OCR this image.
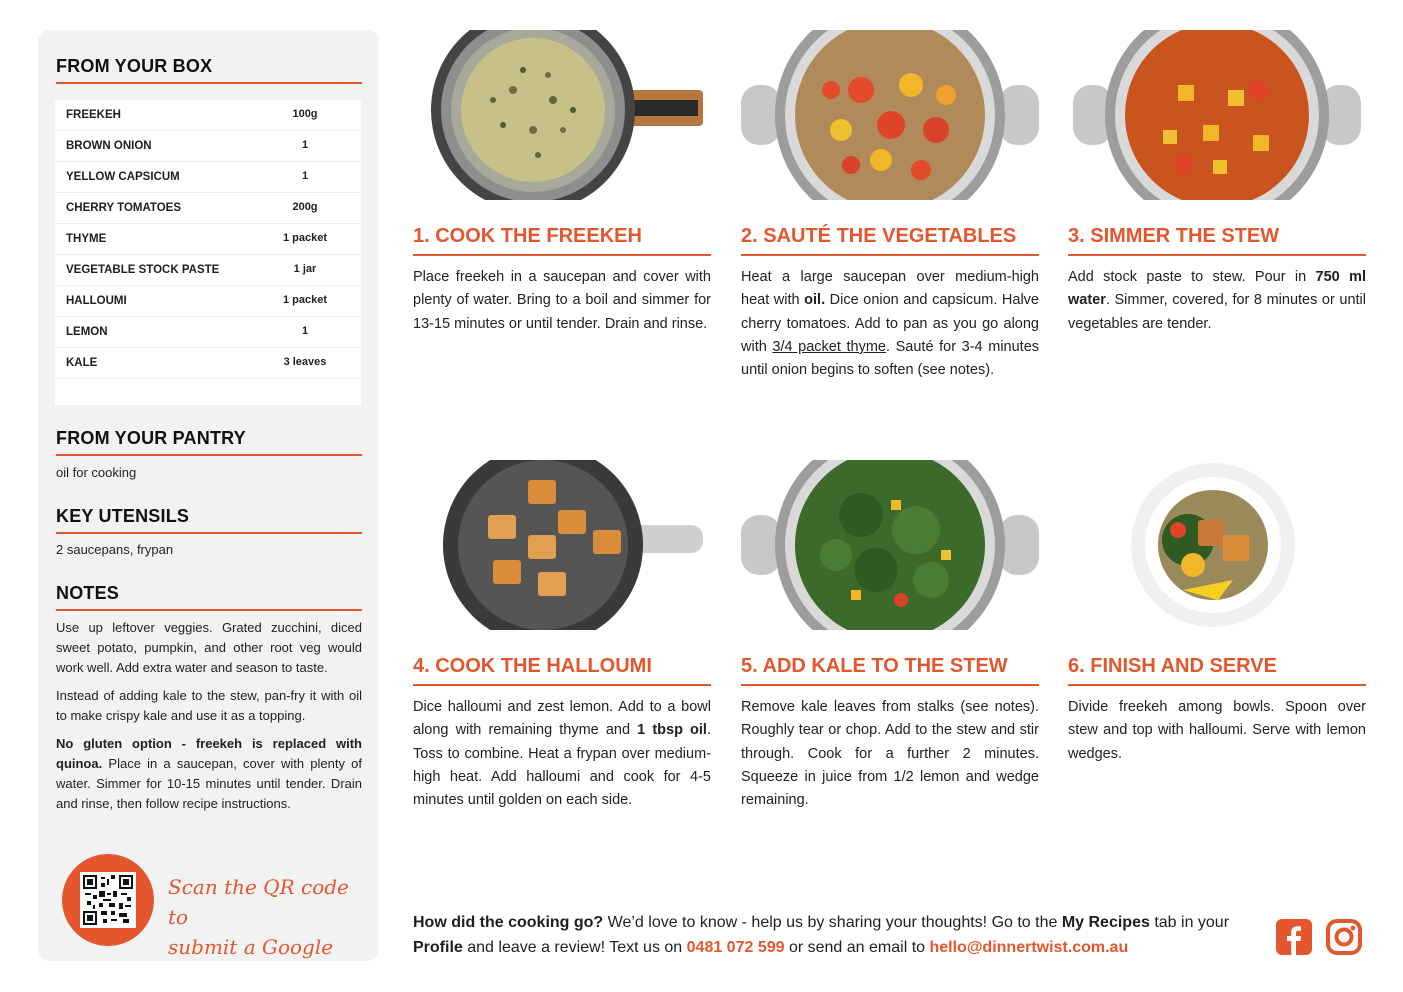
FROM YOUR BOX
FREEKEH	100g
BROWN ONION	1
YELLOW CAPSICUM	1
CHERRY TOMATOES	200g
THYME	1 packet
VEGETABLE STOCK PASTE	1 jar
HALLOUMI	1 packet
LEMON	1
KALE	3 leaves
FROM YOUR PANTRY
oil for cooking
KEY UTENSILS
2 saucepans, frypan
NOTES

Use up leftover veggies. Grated zucchini, diced sweet potato, pumpkin, and other root veg would work well. Add extra water and season to taste.

Instead of adding kale to the stew, pan-fry it with oil to make crispy kale and use it as a topping.

No gluten option - freekeh is replaced with quinoa. Place in a saucepan, cover with plenty of water. Simmer for 10-15 minutes until tender. Drain and rinse, then follow recipe instructions.

Scan the QR code to
submit a Google
1. COOK THE FREEKEH
Place freekeh in a saucepan and cover with plenty of water. Bring to a boil and simmer for 13-15 minutes or until tender. Drain and rinse.
2. SAUTÉ THE VEGETABLES
Heat a large saucepan over medium-high heat with oil. Dice onion and capsicum. Halve cherry tomatoes. Add to pan as you go along with 3/4 packet thyme. Sauté for 3-4 minutes until onion begins to soften (see notes).
3. SIMMER THE STEW
Add stock paste to stew. Pour in 750 ml water. Simmer, covered, for 8 minutes or until vegetables are tender.
4. COOK THE HALLOUMI
Dice halloumi and zest lemon. Add to a bowl along with remaining thyme and 1 tbsp oil. Toss to combine. Heat a frypan over medium-high heat. Add halloumi and cook for 4-5 minutes until golden on each side.
5. ADD KALE TO THE STEW
Remove kale leaves from stalks (see notes). Roughly tear or chop. Add to the stew and stir through. Cook for a further 2 minutes. Squeeze in juice from 1/2 lemon and wedge remaining.
6. FINISH AND SERVE
Divide freekeh among bowls. Spoon over stew and top with halloumi. Serve with lemon wedges.
How did the cooking go? We’d love to know - help us by sharing your thoughts! Go to the My Recipes tab in your Profile and leave a review! Text us on 0481 072 599 or send an email to hello@dinnertwist.com.au
